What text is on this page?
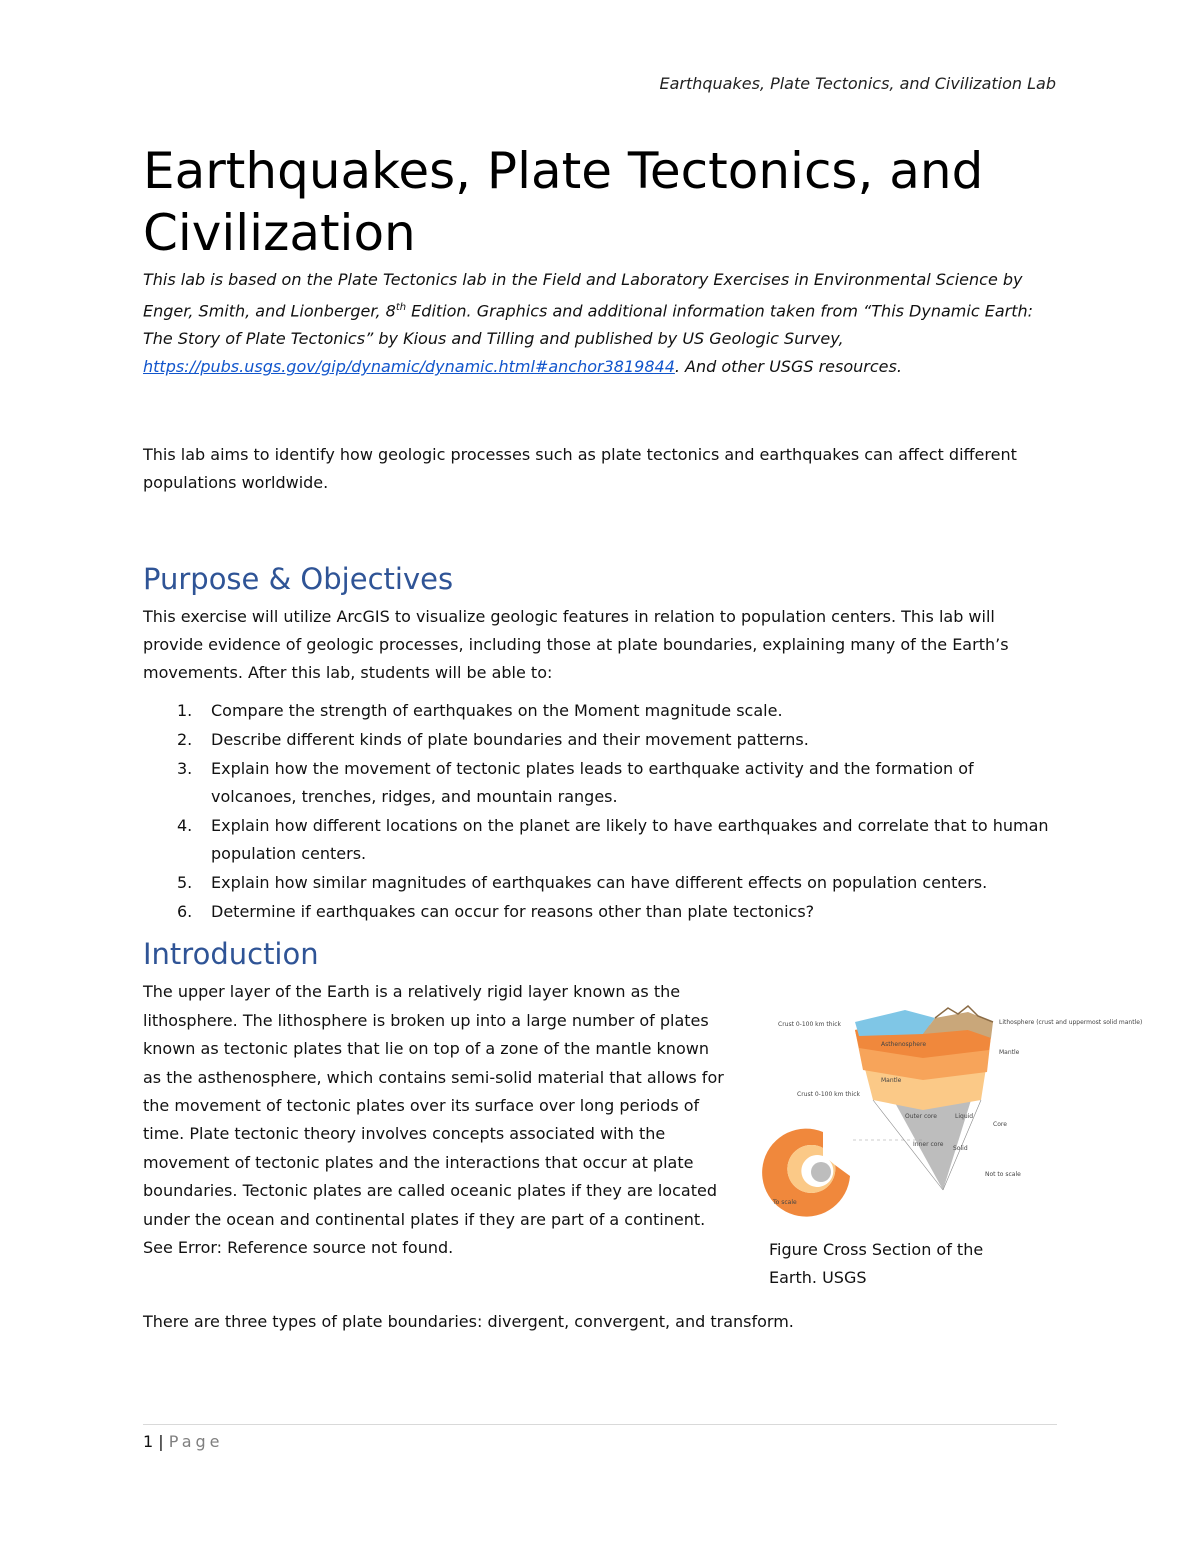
Earthquakes, Plate Tectonics, and Civilization Lab
Earthquakes, Plate Tectonics, and
Civilization

This lab is based on the Plate Tectonics lab in the Field and Laboratory Exercises in Environmental Science by Enger, Smith, and Lionberger, 8th Edition. Graphics and additional information taken from “This Dynamic Earth: The Story of Plate Tectonics” by Kious and Tilling and published by US Geologic Survey, https://pubs.usgs.gov/gip/dynamic/dynamic.html#anchor3819844. And other USGS resources.

This lab aims to identify how geologic processes such as plate tectonics and earthquakes can affect different populations worldwide.

Purpose & Objectives

This exercise will utilize ArcGIS to visualize geologic features in relation to population centers. This lab will provide evidence of geologic processes, including those at plate boundaries, explaining many of the Earth’s movements. After this lab, students will be able to:

1. Compare the strength of earthquakes on the Moment magnitude scale.
2. Describe different kinds of plate boundaries and their movement patterns.
3. Explain how the movement of tectonic plates leads to earthquake activity and the formation of volcanoes, trenches, ridges, and mountain ranges.
4. Explain how different locations on the planet are likely to have earthquakes and correlate that to human population centers.
5. Explain how similar magnitudes of earthquakes can have different effects on population centers.
6. Determine if earthquakes can occur for reasons other than plate tectonics?
Introduction
The upper layer of the Earth is a relatively rigid layer known as the lithosphere. The lithosphere is broken up into a large number of plates known as tectonic plates that lie on top of a zone of the mantle known as the asthenosphere, which contains semi-solid material that allows for the movement of tectonic plates over its surface over long periods of time. Plate tectonic theory involves concepts associated with the movement of tectonic plates and the interactions that occur at plate boundaries. Tectonic plates are called oceanic plates if they are located under the ocean and continental plates if they are part of a continent. See Error: Reference source not found.
Crust 0-100 km thick	Lithosphere (crust and uppermost solid mantle)
Asthenosphere
Mantle
Mantle
Crust 0-100 km thick
Outer core	Liquid
Core
Inner core
Solid
Not to scale
To scale
Figure Cross Section of the Earth. USGS

There are three types of plate boundaries: divergent, convergent, and transform.

1 | Page
